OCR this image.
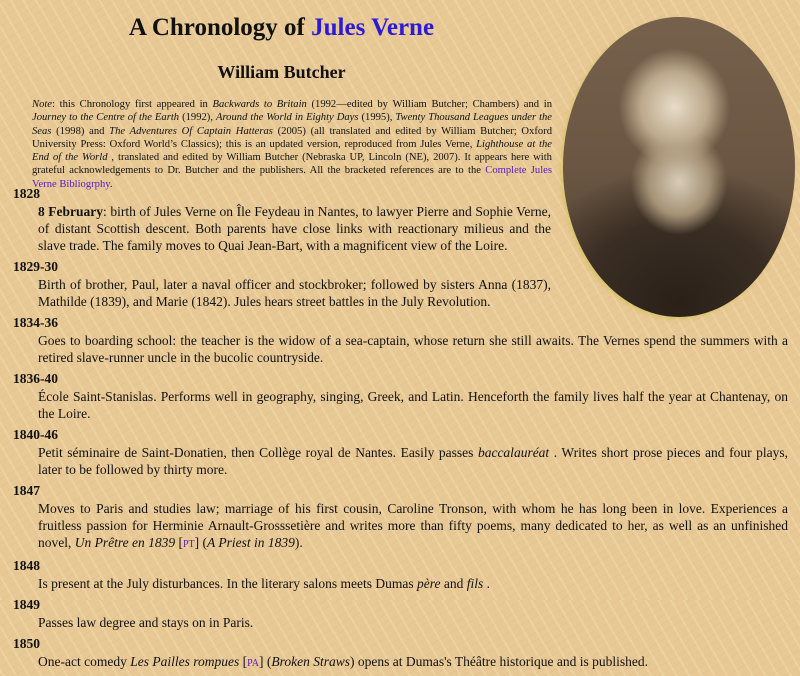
A Chronology of Jules Verne
William Butcher

Note: this Chronology first appeared in Backwards to Britain (1992—edited by William Butcher; Chambers) and in Journey to the Centre of the Earth (1992), Around the World in Eighty Days (1995), Twenty Thousand Leagues under the Seas (1998) and The Adventures Of Captain Hatteras (2005) (all translated and edited by William Butcher; Oxford University Press: Oxford World’s Classics); this is an updated version, reproduced from Jules Verne, Lighthouse at the End of the World , translated and edited by William Butcher (Nebraska UP, Lincoln (NE), 2007). It appears here with grateful acknowledgements to Dr. Butcher and the publishers. All the bracketed references are to the Complete Jules Verne Bibliogrphy.

1828
8 February: birth of Jules Verne on Île Feydeau in Nantes, to lawyer Pierre and Sophie Verne, of distant Scottish descent. Both parents have close links with reactionary milieus and the slave trade. The family moves to Quai Jean-Bart, with a magnificent view of the Loire.
1829-30
Birth of brother, Paul, later a naval officer and stockbroker; followed by sisters Anna (1837), Mathilde (1839), and Marie (1842). Jules hears street battles in the July Revolution.
1834-36
Goes to boarding school: the teacher is the widow of a sea-captain, whose return she still awaits. The Vernes spend the summers with a retired slave-runner uncle in the bucolic countryside.
1836-40
École Saint-Stanislas. Performs well in geography, singing, Greek, and Latin. Henceforth the family lives half the year at Chantenay, on the Loire.
1840-46
Petit séminaire de Saint-Donatien, then Collège royal de Nantes. Easily passes baccalauréat . Writes short prose pieces and four plays, later to be followed by thirty more.
1847
Moves to Paris and studies law; marriage of his first cousin, Caroline Tronson, with whom he has long been in love. Experiences a fruitless passion for Herminie Arnault-Grosssetière and writes more than fifty poems, many dedicated to her, as well as an unfinished novel, Un Prêtre en 1839 [PT] (A Priest in 1839).
1848
Is present at the July disturbances. In the literary salons meets Dumas père and fils .
1849
Passes law degree and stays on in Paris.
1850
One-act comedy Les Pailles rompues [PA] (Broken Straws) opens at Dumas's Théâtre historique and is published.
